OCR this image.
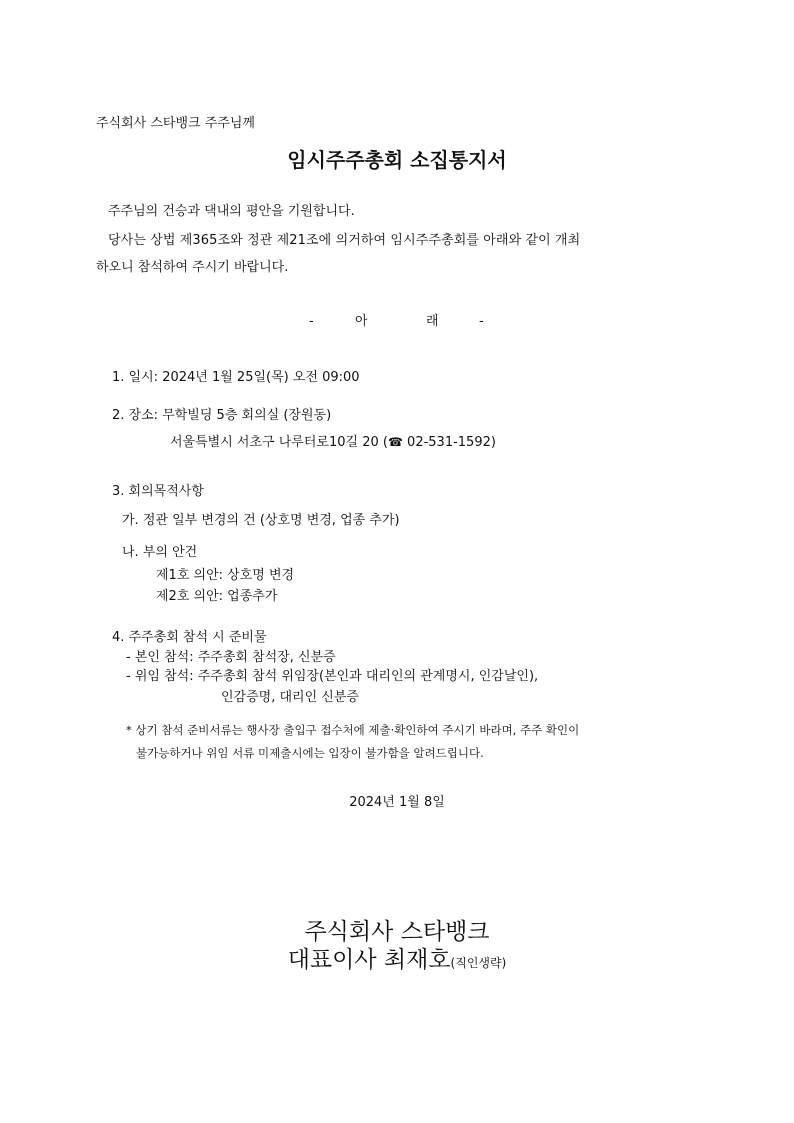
주식회사 스타뱅크 주주님께
임시주주총회 소집통지서
주주님의 건승과 댁내의 평안을 기원합니다.
당사는 상법 제365조와 정관 제21조에 의거하여 임시주주총회를 아래와 같이 개최
하오니 참석하여 주시기 바랍니다.
-	아	래	-
1. 일시: 2024년 1월 25일(목) 오전 09:00
2. 장소: 무학빌딩 5층 회의실 (장원동)
서울특별시 서초구 나루터로10길 20 (☎ 02-531-1592)
3. 회의목적사항
가. 정관 일부 변경의 건 (상호명 변경, 업종 추가)
나. 부의 안건
제1호 의안: 상호명 변경
제2호 의안: 업종추가
4. 주주총회 참석 시 준비물
- 본인 참석: 주주총회 참석장, 신분증
- 위임 참석: 주주총회 참석 위임장(본인과 대리인의 관계명시, 인감날인),
인감증명, 대리인 신분증
* 상기 참석 준비서류는 행사장 출입구 접수처에 제출·확인하여 주시기 바라며, 주주 확인이
불가능하거나 위임 서류 미제출시에는 입장이 불가함을 알려드립니다.
2024년 1월 8일
주식회사 스타뱅크
대표이사 최재호(직인생략)
